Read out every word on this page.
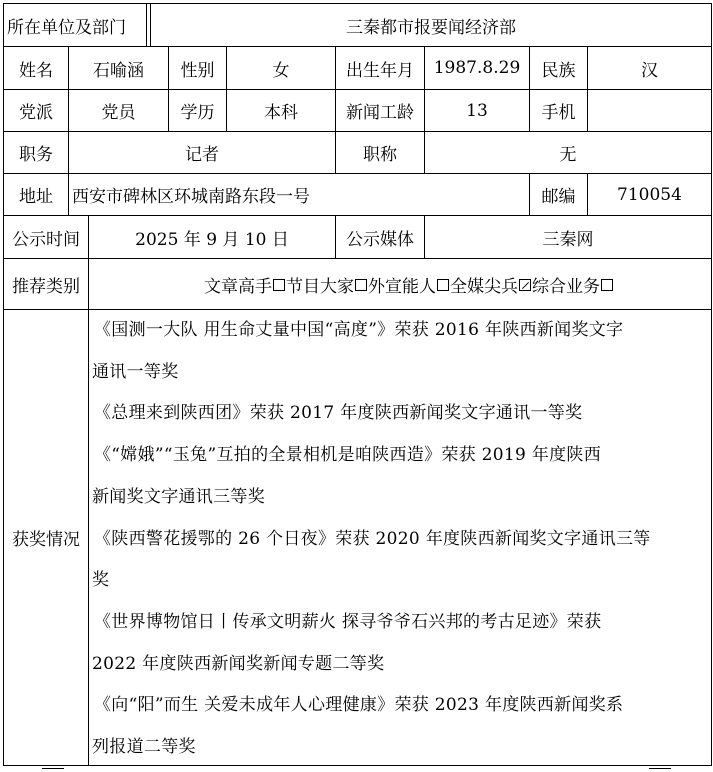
所在单位及部门	三秦都市报要闻经济部
姓名	石喻涵	性别	女	出生年月	1987.8.29	民族	汉
党派	党员	学历	本科	新闻工龄	13	手机
职务	记者	职称	无
地址	西安市碑林区环城南路东段一号	邮编	710054
公示时间	2025 年 9 月 10 日	公示媒体	三秦网
推荐类别	文章高手 节目大家 外宣能人 全媒尖兵 综合业务
获奖情况

《国测一大队 用生命丈量中国“高度”》荣获 2016 年陕西新闻奖文字

通讯一等奖

《总理来到陕西团》荣获 2017 年度陕西新闻奖文字通讯一等奖

《“嫦娥”“玉兔”互拍的全景相机是咱陕西造》荣获 2019 年度陕西

新闻奖文字通讯三等奖

《陕西警花援鄂的 26 个日夜》荣获 2020 年度陕西新闻奖文字通讯三等

奖

《世界博物馆日丨传承文明薪火 探寻爷爷石兴邦的考古足迹》荣获

2022 年度陕西新闻奖新闻专题二等奖

《向“阳”而生 关爱未成年人心理健康》荣获 2023 年度陕西新闻奖系

列报道二等奖
